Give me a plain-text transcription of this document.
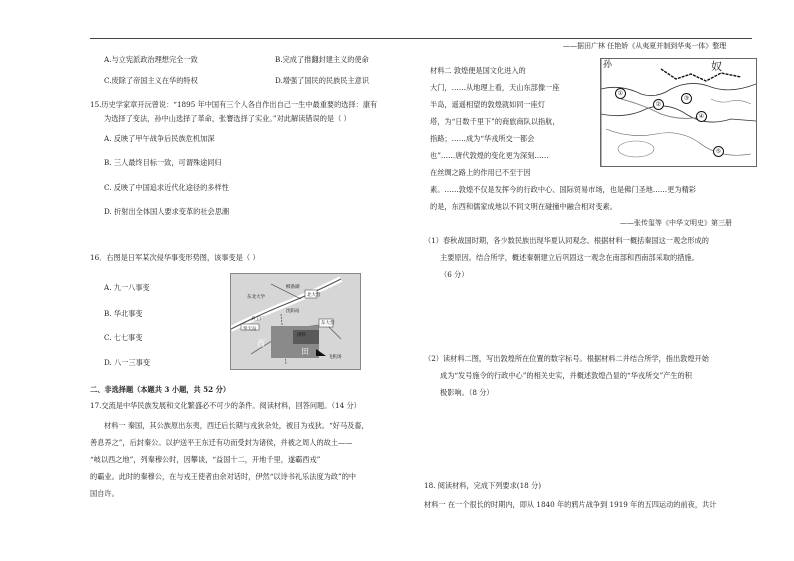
——据田广林 任艳娇《从夷夏并制到华夷一体》整理
A.与立宪派政治理想完全一致	B.完成了推翻封建主义的使命
C.废除了帝国主义在华的特权	D.增强了国民的民族民主意识
15.历史学家章开沅曾说：“1895 年中国有三个人各自作出自己一生中最重要的选择：康有
为选择了变法，孙中山选择了革命，张謇选择了实业。”对此解读错误的是（ ）
A. 反映了甲午战争后民族危机加深
B. 三人最终目标一致，可谓殊途同归
C. 反映了中国追求近代化途径的多样性
D. 折射出全体国人要求变革的社会思潮
16．右图是日军某次侵华事变形势图，该事变是（ ）
A. 九一八事变
B. 华北事变
C. 七七事变
D. 八一三事变
东北大学
柳条湖
北大营
沈阳站
东大营
满铁
奉天站
西
田
飞机场
兵工厂
二、非选择题（本题共 3 小题，共 52 分）
17.交流是中华民族发展和文化繁盛必不可少的条件。阅读材料，回答问题。（14 分）
材料一 秦国，其公族原出东夷，西迁后长期与戎狄杂处，被目为戎狄。“好马及畜，
善息养之”，后封秦公。以护送平王东迁有功而受封为诸侯，并被之周人的故土——
“岐以西之地”，列秦穆公时，因攀谈，“益国十二，开地千里，遂霸西戎”
的霸业。此时的秦穆公，在与戎王使者由余对话时，伊然“以诗书礼乐法度为政”的中
国自许。
材料二 敦煌便是国文化进入的
大门，……从地理上看，天山东部像一座
半岛，遥遥相望的敦煌就如同一座灯
塔，为“日数千里下”的商旅商队以指航，
指路；……成为“华戎所交一都会
也”……唐代敦煌的变化更为深刻……
在丝绸之路上的作用已不至于因
素。……敦煌不仅是发挥今的行政中心、国际贸易市场，也是佛门圣地……更为精彩
的是，东西和儒家成地以不同文明在碰撞中融合相对变素。
——张传玺等《中华文明史》第三册
孙	奴
①
②
③
④
⑤
（1）春秋战国时期，各少数民族出现华夏认同观念。根据材料一概括秦国这一观念形成的
主要原因。结合所学，概述秦朝建立后巩固这一观念在南部和西南部采取的措施。
（6 分）
（2）读材料二图，写出敦煌所在位置的数字标号。根据材料二并结合所学，指出敦煌开始
成为“发号施令的行政中心”的相关史实，并概述敦煌凸显的“华戎所交”产生的积
极影响。（8 分）
18. 阅读材料，完成下列要求(18 分)
材料一 在一个很长的时期内，即从 1840 年的鸦片战争到 1919 年的五四运动的前夜，共计
